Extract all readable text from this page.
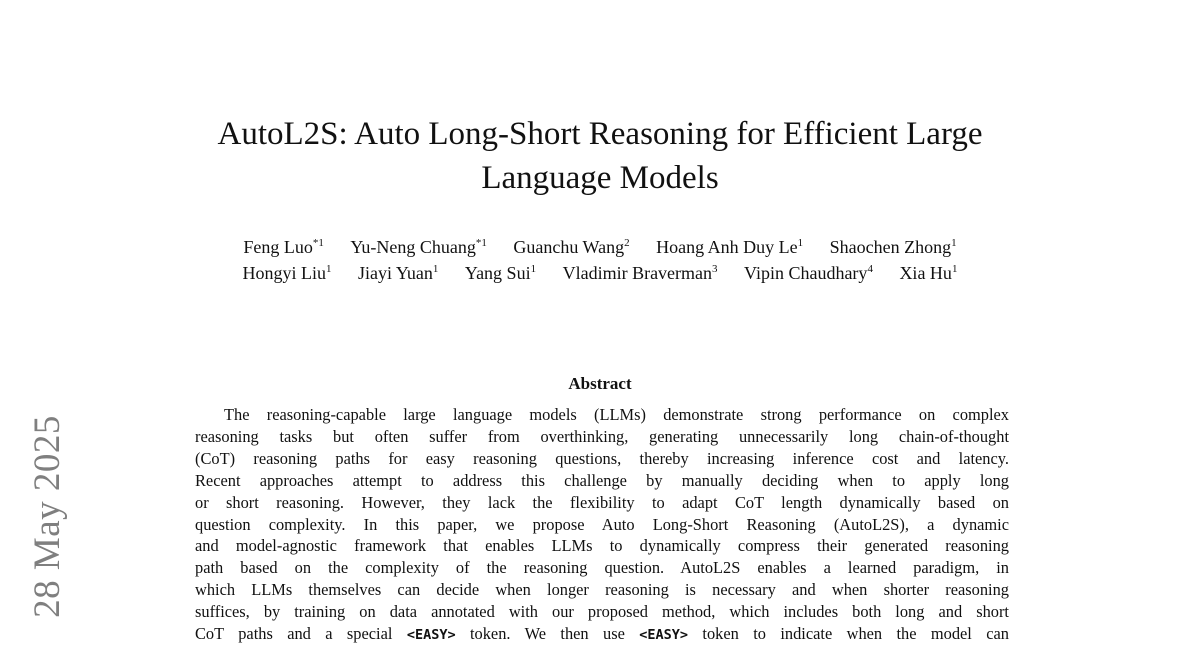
28 May 2025
AutoL2S: Auto Long-Short Reasoning for Efficient Large Language Models
Feng Luo$^{*1}$ Yu-Neng Chuang$^{*1}$ Guanchu Wang$^2$ Hoang Anh Duy Le$^1$ Shaochen Zhong$^1$
Hongyi Liu$^1$ Jiayi Yuan$^1$ Yang Sui$^1$ Vladimir Braverman$^3$ Vipin Chaudhary$^4$ Xia Hu$^1$
Abstract
The reasoning-capable large language models (LLMs) demonstrate strong performance on complex
reasoning tasks but often suffer from overthinking, generating unnecessarily long chain-of-thought
(CoT) reasoning paths for easy reasoning questions, thereby increasing inference cost and latency.
Recent approaches attempt to address this challenge by manually deciding when to apply long
or short reasoning. However, they lack the flexibility to adapt CoT length dynamically based on
question complexity. In this paper, we propose Auto Long-Short Reasoning (AutoL2S), a dynamic
and model-agnostic framework that enables LLMs to dynamically compress their generated reasoning
path based on the complexity of the reasoning question. AutoL2S enables a learned paradigm, in
which LLMs themselves can decide when longer reasoning is necessary and when shorter reasoning
suffices, by training on data annotated with our proposed method, which includes both long and short
CoT paths and a special <EASY> token. We then use <EASY> token to indicate when the model can
